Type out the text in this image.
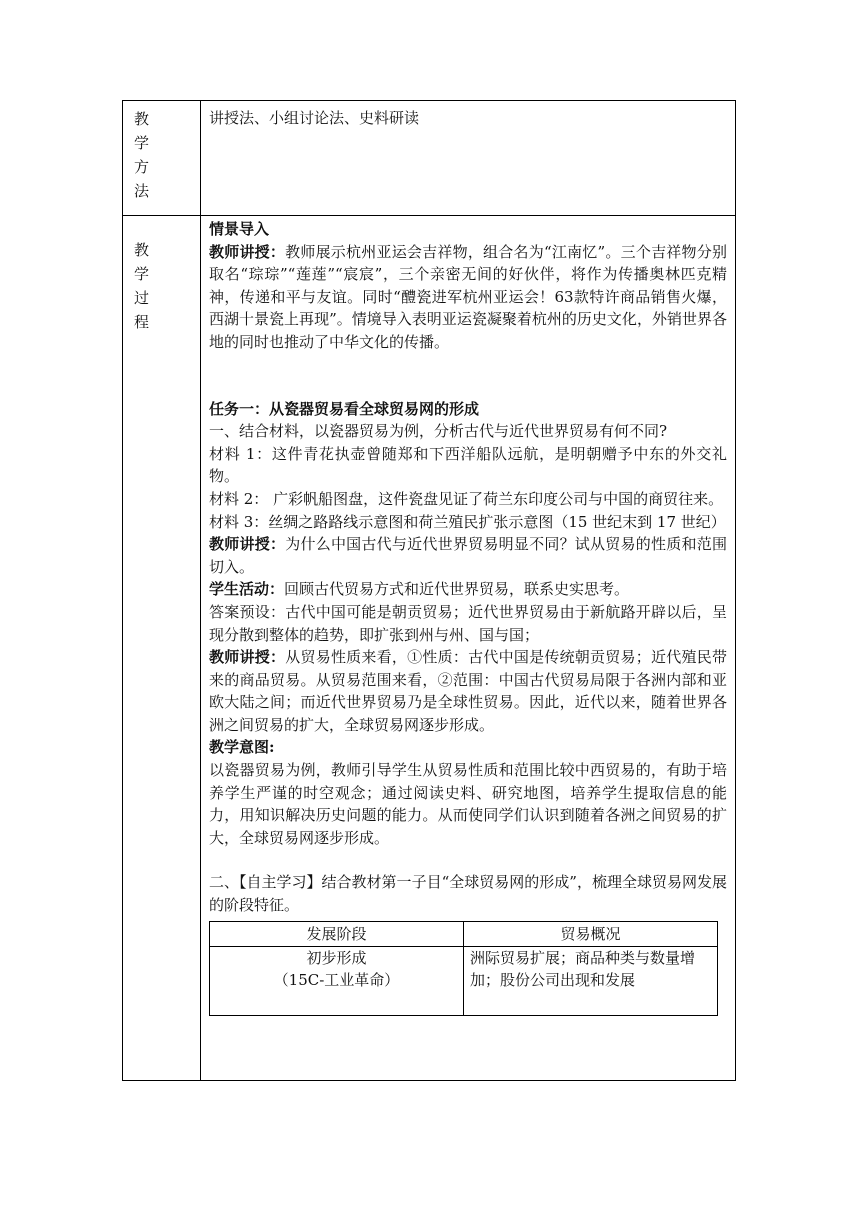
教
学
方
法

讲授法、小组讨论法、史料研读

教
学
过
程

情景导入

教师讲授：教师展示杭州亚运会吉祥物，组合名为“江南忆”。三个吉祥物分别取名“琮琮”“莲莲”“宸宸”，三个亲密无间的好伙伴，将作为传播奥林匹克精神，传递和平与友谊。同时“醴瓷进军杭州亚运会！63款特许商品销售火爆，西湖十景瓷上再现”。情境导入表明亚运瓷凝聚着杭州的历史文化，外销世界各地的同时也推动了中华文化的传播。

任务一：从瓷器贸易看全球贸易网的形成

一、结合材料，以瓷器贸易为例，分析古代与近代世界贸易有何不同?

材料 1：这件青花执壶曾随郑和下西洋船队远航，是明朝赠予中东的外交礼物。

材料 2： 广彩帆船图盘，这件瓷盘见证了荷兰东印度公司与中国的商贸往来。

材料 3：丝绸之路路线示意图和荷兰殖民扩张示意图（15 世纪末到 17 世纪）

教师讲授：为什么中国古代与近代世界贸易明显不同？试从贸易的性质和范围切入。

学生活动：回顾古代贸易方式和近代世界贸易，联系史实思考。

答案预设：古代中国可能是朝贡贸易；近代世界贸易由于新航路开辟以后，呈现分散到整体的趋势，即扩张到州与州、国与国；

教师讲授：从贸易性质来看，①性质：古代中国是传统朝贡贸易；近代殖民带来的商品贸易。从贸易范围来看，②范围：中国古代贸易局限于各洲内部和亚欧大陆之间；而近代世界贸易乃是全球性贸易。因此，近代以来，随着世界各洲之间贸易的扩大，全球贸易网逐步形成。

教学意图:

以瓷器贸易为例，教师引导学生从贸易性质和范围比较中西贸易的，有助于培养学生严谨的时空观念；通过阅读史料、研究地图，培养学生提取信息的能力，用知识解决历史问题的能力。从而使同学们认识到随着各洲之间贸易的扩大，全球贸易网逐步形成。

二、【自主学习】结合教材第一子目“全球贸易网的形成”，梳理全球贸易网发展的阶段特征。

发展阶段	贸易概况

初步形成
（15C-工业革命）
	洲际贸易扩展；商品种类与数量增加；股份公司出现和发展
